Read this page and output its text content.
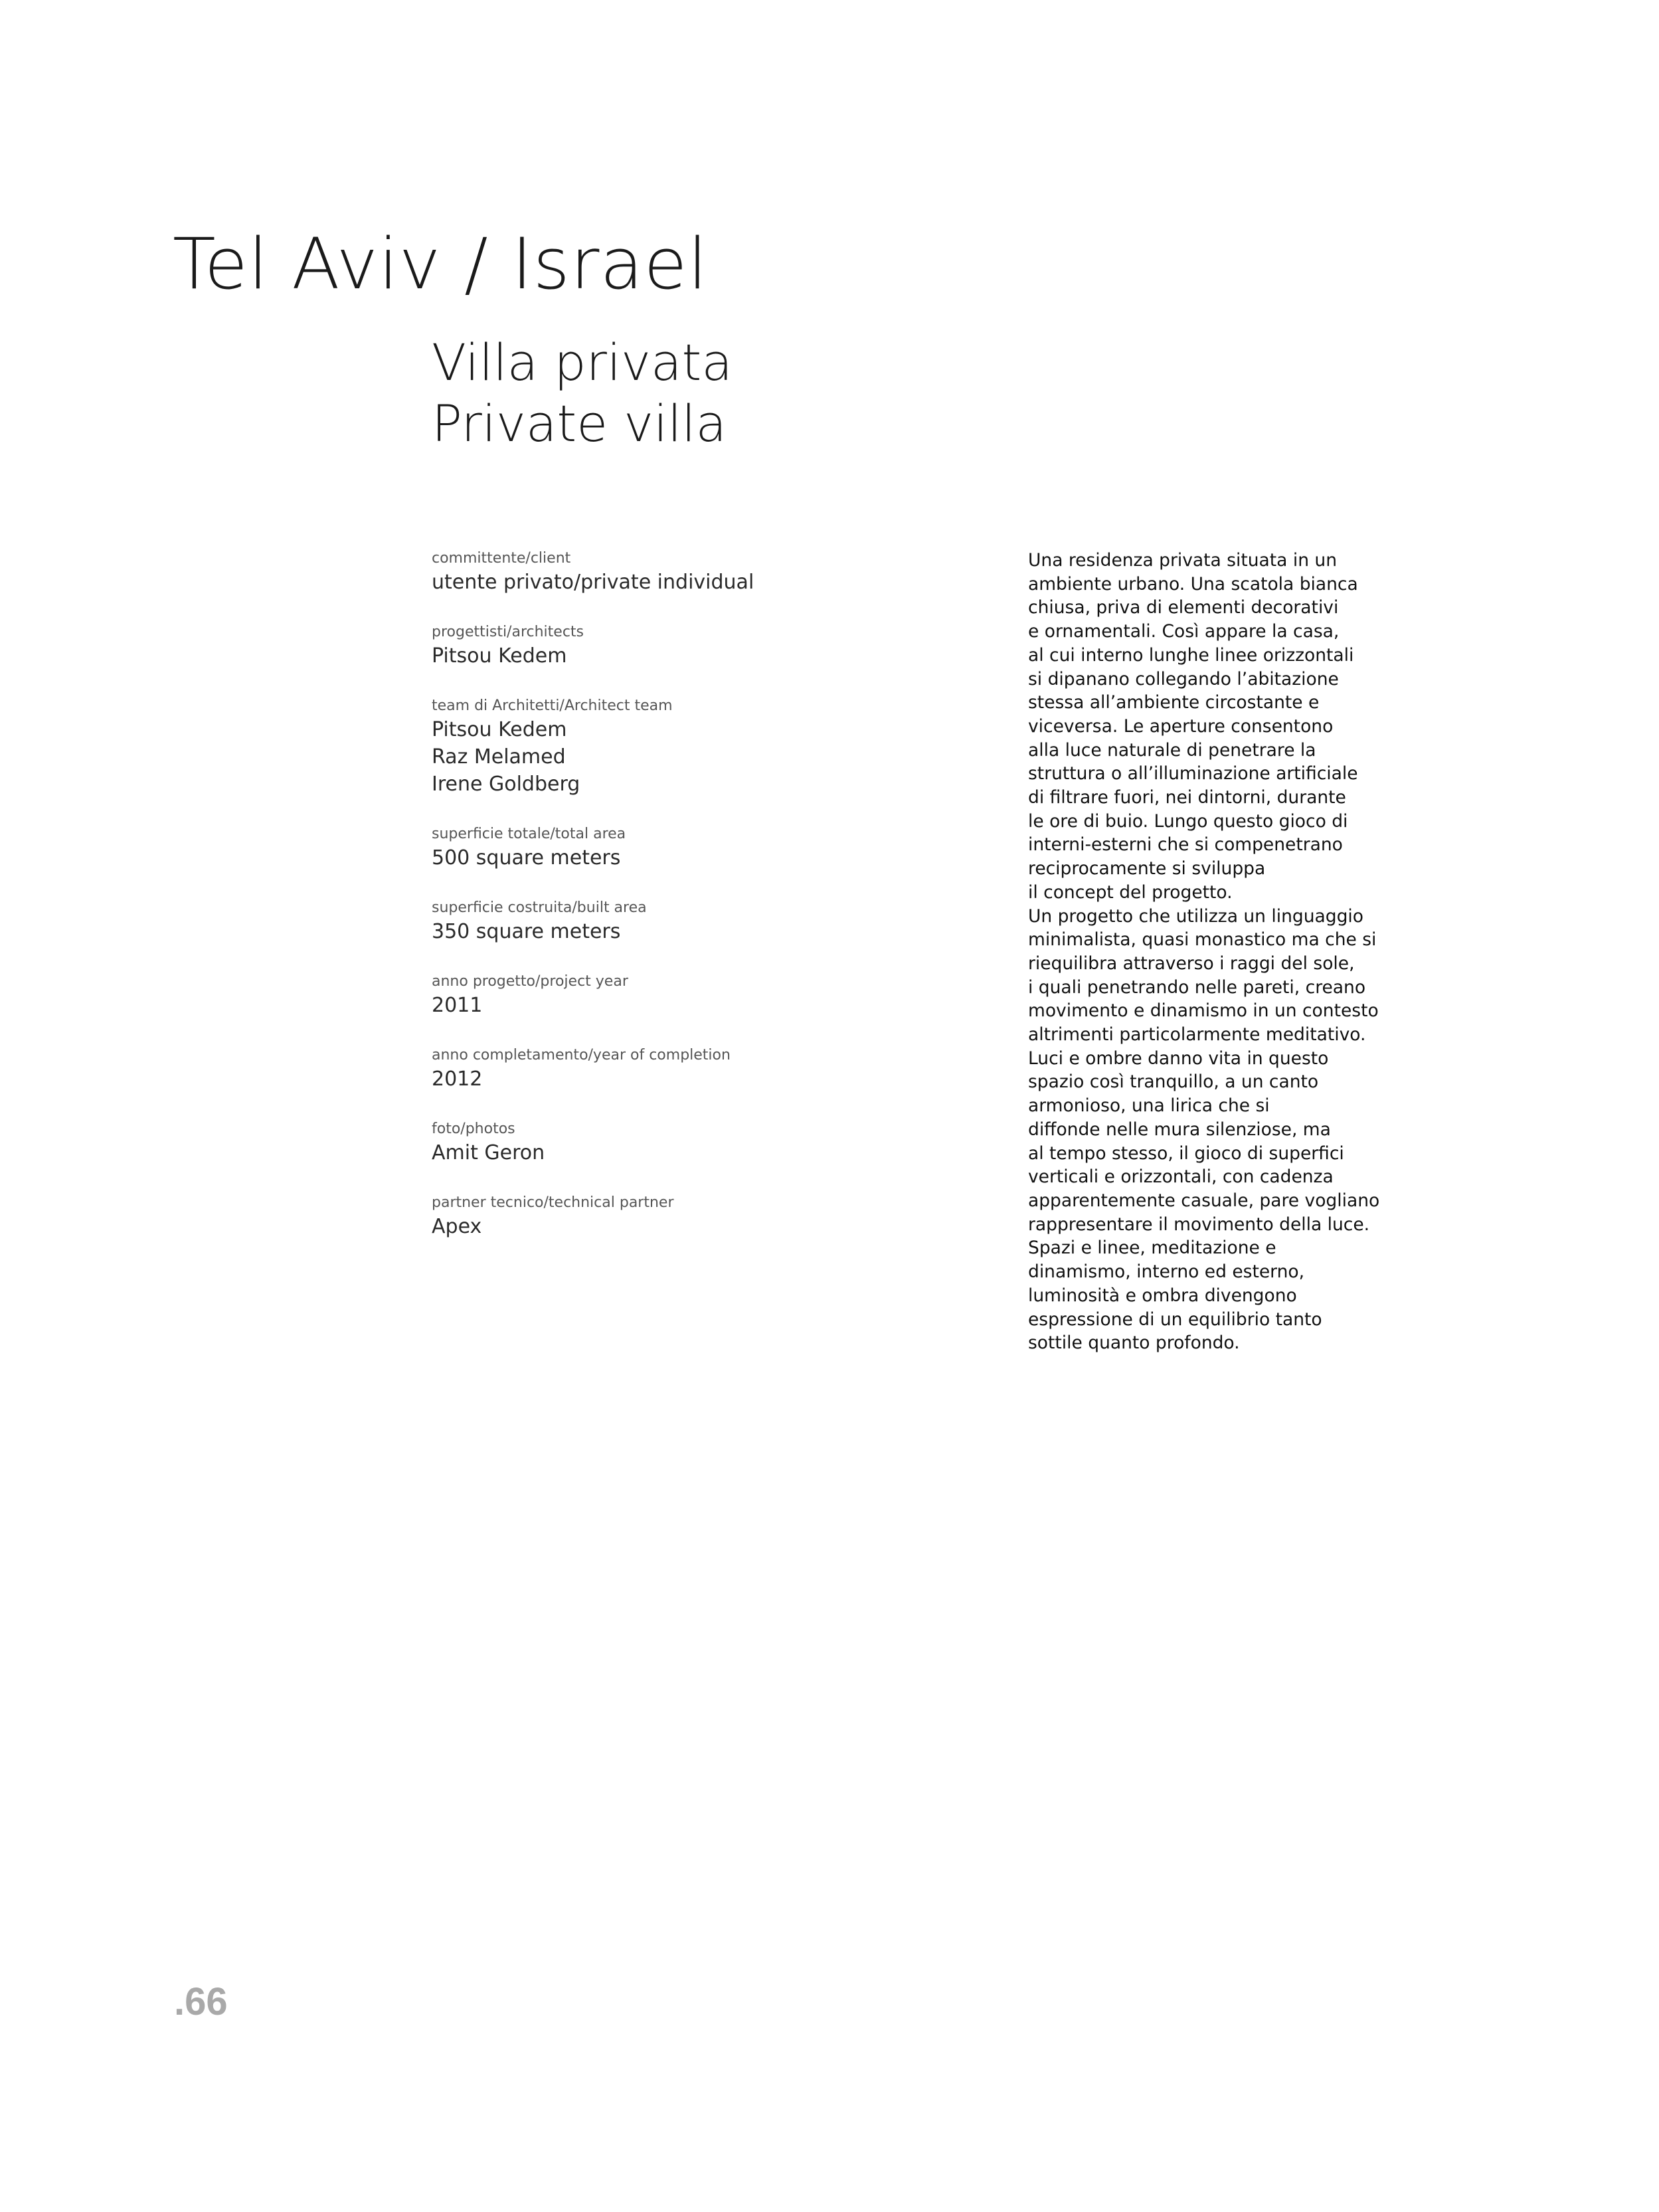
Tel Aviv / Israel
Villa privata
Private villa
committente/client
utente privato/private individual
progettisti/architects
Pitsou Kedem
team di Architetti/Architect team
Pitsou Kedem
Raz Melamed
Irene Goldberg
superficie totale/total area
500 square meters
superficie costruita/built area
350 square meters
anno progetto/project year
2011
anno completamento/year of completion
2012
foto/photos
Amit Geron
partner tecnico/technical partner
Apex
Una residenza privata situata in un
ambiente urbano. Una scatola bianca
chiusa, priva di elementi decorativi
e ornamentali. Così appare la casa,
al cui interno lunghe linee orizzontali
si dipanano collegando l’abitazione
stessa all’ambiente circostante e
viceversa. Le aperture consentono
alla luce naturale di penetrare la
struttura o all’illuminazione artificiale
di filtrare fuori, nei dintorni, durante
le ore di buio. Lungo questo gioco di
interni-esterni che si compenetrano
reciprocamente si sviluppa
il concept del progetto.
Un progetto che utilizza un linguaggio
minimalista, quasi monastico ma che si
riequilibra attraverso i raggi del sole,
i quali penetrando nelle pareti, creano
movimento e dinamismo in un contesto
altrimenti particolarmente meditativo.
Luci e ombre danno vita in questo
spazio così tranquillo, a un canto
armonioso, una lirica che si
diffonde nelle mura silenziose, ma
al tempo stesso, il gioco di superfici
verticali e orizzontali, con cadenza
apparentemente casuale, pare vogliano
rappresentare il movimento della luce.
Spazi e linee, meditazione e
dinamismo, interno ed esterno,
luminosità e ombra divengono
espressione di un equilibrio tanto
sottile quanto profondo.
.66
